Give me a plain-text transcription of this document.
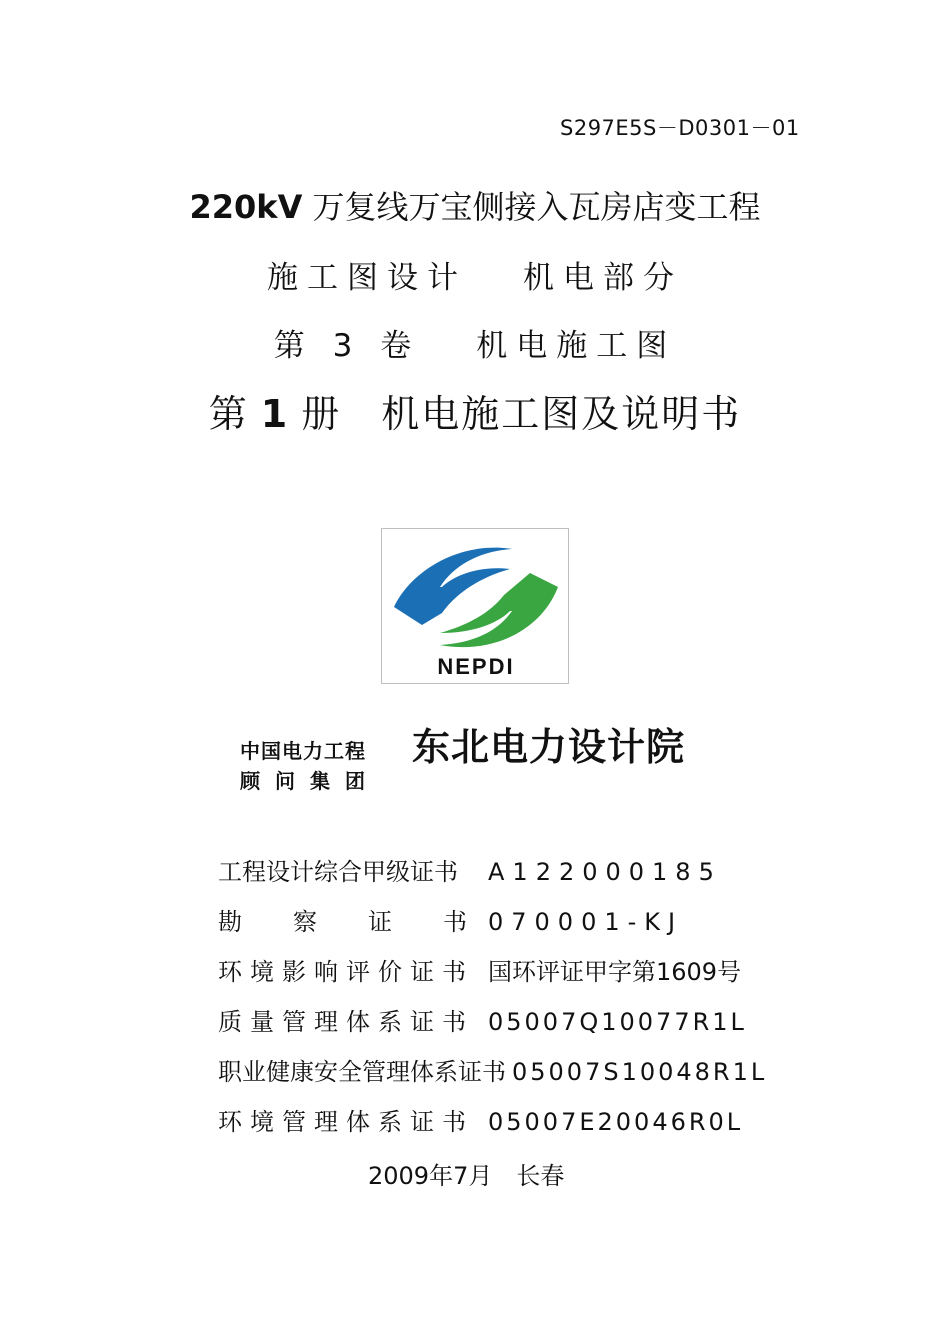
S297E5S－D0301－01
220kV 万复线万宝侧接入瓦房店变工程
施工图设计 机电部分
第 3 卷 机电施工图
第 1 册 机电施工图及说明书
NEPDI
中国电力工程
顾问集团
东北电力设计院
工程设计综合甲级证书 A122000185
勘察证书070001-KJ
环境影响评价证书 国环评证甲字第1609号
质量管理体系证书 05007Q10077R1L
职业健康安全管理体系证书 05007S10048R1L
环境管理体系证书 05007E20046R0L
2009年7月 长春
